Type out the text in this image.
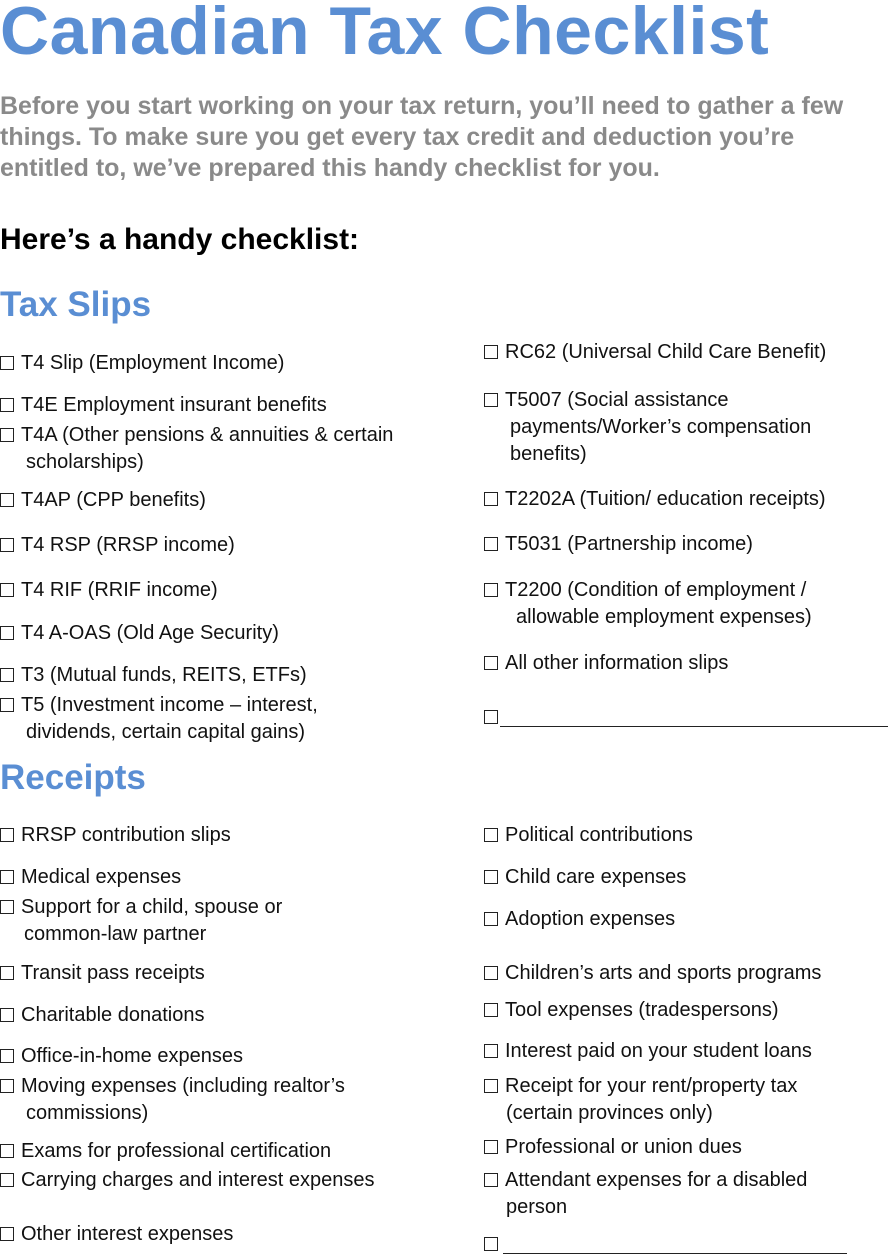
Canadian Tax Checklist
Before you start working on your tax return, you’ll need to gather a few things. To make sure you get every tax credit and deduction you’re entitled to, we’ve prepared this handy checklist for you.
Here’s a handy checklist:
Tax Slips
T4 Slip (Employment Income)
T4E Employment insurant benefits
T4A (Other pensions & annuities & certain
scholarships)
T4AP (CPP benefits)
T4 RSP (RRSP income)
T4 RIF (RRIF income)
T4 A-OAS (Old Age Security)
T3 (Mutual funds, REITS, ETFs)
T5 (Investment income – interest,
dividends, certain capital gains)
RC62 (Universal Child Care Benefit)
T5007 (Social assistance
payments/Worker’s compensation
benefits)
T2202A (Tuition/ education receipts)
T5031 (Partnership income)
T2200 (Condition of employment /
allowable employment expenses)
All other information slips
Receipts
RRSP contribution slips
Medical expenses
Support for a child, spouse or
common-law partner
Transit pass receipts
Charitable donations
Office-in-home expenses
Moving expenses (including realtor’s
commissions)
Exams for professional certification
Carrying charges and interest expenses
Other interest expenses
Political contributions
Child care expenses
Adoption expenses
Children’s arts and sports programs
Tool expenses (tradespersons)
Interest paid on your student loans
Receipt for your rent/property tax
(certain provinces only)
Professional or union dues
Attendant expenses for a disabled
person
